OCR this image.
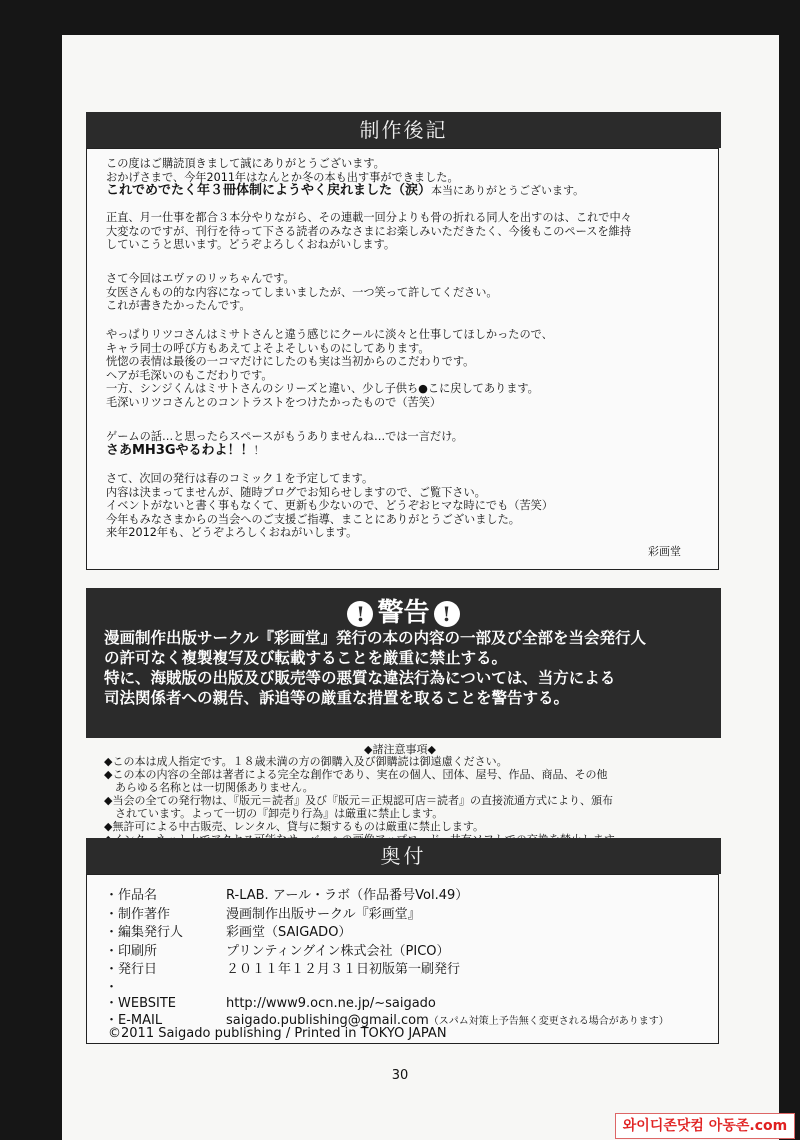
制作後記
この度はご購読頂きまして誠にありがとうございます。
おかげさまで、今年2011年はなんとか冬の本も出す事ができました。
これでめでたく年３冊体制にようやく戻れました（涙）本当にありがとうございます。
正直、月一仕事を都合３本分やりながら、その連載一回分よりも骨の折れる同人を出すのは、これで中々
大変なのですが、刊行を待って下さる読者のみなさまにお楽しみいただきたく、今後もこのペースを維持
していこうと思います。どうぞよろしくおねがいします。
さて今回はエヴァのリッちゃんです。
女医さんもの的な内容になってしまいましたが、一つ笑って許してください。
これが書きたかったんです。
やっぱりリツコさんはミサトさんと違う感じにクールに淡々と仕事してほしかったので、
キャラ同士の呼び方もあえてよそよそしいものにしてあります。
恍惚の表情は最後の一コマだけにしたのも実は当初からのこだわりです。
ヘアが毛深いのもこだわりです。
一方、シンジくんはミサトさんのシリーズと違い、少し子供ち●こに戻してあります。
毛深いリツコさんとのコントラストをつけたかったもので（苦笑）
ゲームの話…と思ったらスペースがもうありませんね…では一言だけ。
さあMH3Gやるわよ！！！
さて、次回の発行は春のコミック１を予定してます。
内容は決まってませんが、随時ブログでお知らせしますので、ご覧下さい。
イベントがないと書く事もなくて、更新も少ないので、どうぞおヒマな時にでも（苦笑）
今年もみなさまからの当会へのご支援ご指導、まことにありがとうございました。
来年2012年も、どうぞよろしくおねがいします。
彩画堂
! 警告 !
漫画制作出版サークル『彩画堂』発行の本の内容の一部及び全部を当会発行人
の許可なく複製複写及び転載することを厳重に禁止する。
特に、海賊版の出版及び販売等の悪質な違法行為については、当方による
司法関係者への親告、訴追等の厳重な措置を取ることを警告する。
◆諸注意事項◆
◆この本は成人指定です。１８歳未満の方の御購入及び御購読は御遠慮ください。
◆この本の内容の全部は著者による完全な創作であり、実在の個人、団体、屋号、作品、商品、その他
　あらゆる名称とは一切関係ありません。
◆当会の全ての発行物は、『版元＝読者』及び『版元＝正規認可店＝読者』の直接流通方式により、頒布
　されています。よって一切の『卸売り行為』は厳重に禁止します。
◆無許可による中古販売、レンタル、貸与に類するものは厳重に禁止します。
奥付
・作品名	R-LAB. アール・ラボ（作品番号Vol.49）
・制作著作	漫画制作出版サークル『彩画堂』
・編集発行人	彩画堂（SAIGADO）
・印刷所	プリンティングイン株式会社（PICO）
・発行日	２０１１年１２月３１日初版第一刷発行
・
・WEBSITE	http://www9.ocn.ne.jp/~saigado
・E-MAIL	saigado.publishing@gmail.com（スパム対策上予告無く変更される場合があります）
©2011 Saigado publishing / Printed in TOKYO JAPAN
30
와이디존닷컴 아동존.com
